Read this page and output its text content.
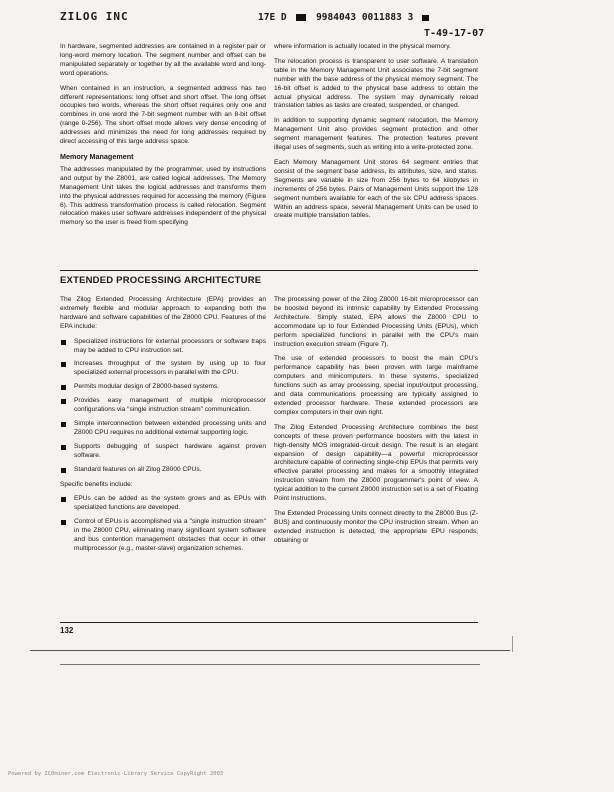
ZILOG INC	17E D	9984043 0011883 3
T-49-17-07

In hardware, segmented addresses are contained in a register pair or long-word memory location. The segment number and offset can be manipulated separately or together by all the available word and long-word operations.

When contained in an instruction, a segmented address has two different representations: long offset and short offset. The long offset occupies two words, whereas the short offset requires only one and combines in one word the 7-bit segment number with an 8-bit offset (range 0-256). The short offset mode allows very dense encoding of addresses and minimizes the need for long addresses required by direct accessing of this large address space.

Memory Management

The addresses manipulated by the programmer, used by instructions and output by the Z8001, are called logical addresses. The Memory Management Unit takes the logical addresses and transforms them into the physical addresses required for accessing the memory (Figure 6). This address transformation process is called relocation. Segment relocation makes user software addresses independent of the physical memory so the user is freed from specifying

where information is actually located in the physical memory.

The relocation process is transparent to user software. A translation table in the Memory Management Unit associates the 7-bit segment number with the base address of the physical memory segment. The 16-bit offset is added to the physical base address to obtain the actual physical address. The system may dynamically reload translation tables as tasks are created, suspended, or changed.

In addition to supporting dynamic segment relocation, the Memory Management Unit also provides segment protection and other segment management features. The protection features prevent illegal uses of segments, such as writing into a write-protected zone.

Each Memory Management Unit stores 64 segment entries that consist of the segment base address, its attributes, size, and status. Segments are variable in size from 256 bytes to 64 kilobytes in increments of 256 bytes. Pairs of Management Units support the 128 segment numbers available for each of the six CPU address spaces. Within an address space, several Management Units can be used to create multiple translation tables.

EXTENDED PROCESSING ARCHITECTURE

The Zilog Extended Processing Architecture (EPA) provides an extremely flexible and modular approach to expanding both the hardware and software capabilities of the Z8000 CPU. Features of the EPA include:

Specialized instructions for external processors or software traps may be added to CPU instruction set.
Increases throughput of the system by using up to four specialized external processors in parallel with the CPU.
Permits modular design of Z8000-based systems.
Provides easy management of multiple microprocessor configurations via "single instruction stream" communication.
Simple interconnection between extended processing units and Z8000 CPU requires no additional external supporting logic.
Supports debugging of suspect hardware against proven software.
Standard features on all Zilog Z8000 CPUs.

Specific benefits include:

EPUs can be added as the system grows and as EPUs with specialized functions are developed.
Control of EPUs is accomplished via a "single instruction stream" in the Z8000 CPU, eliminating many significant system software and bus contention management obstacles that occur in other multiprocessor (e.g., master-slave) organization schemes.

The processing power of the Zilog Z8000 16-bit microprocessor can be boosted beyond its intrinsic capability by Extended Processing Architecture. Simply stated, EPA allows the Z8000 CPU to accommodate up to four Extended Processing Units (EPUs), which perform specialized functions in parallel with the CPU's main instruction execution stream (Figure 7).

The use of extended processors to boost the main CPU's performance capability has been proven with large mainframe computers and minicomputers. In these systems, specialized functions such as array processing, special input/output processing, and data communications processing are typically assigned to extended processor hardware. These extended processors are complex computers in their own right.

The Zilog Extended Processing Architecture combines the best concepts of these proven performance boosters with the latest in high-density MOS integrated-circuit design. The result is an elegant expansion of design capability—a powerful microprocessor architecture capable of connecting single-chip EPUs that permits very effective parallel processing and makes for a smoothly integrated instruction stream from the Z8000 programmer's point of view. A typical addition to the current Z8000 instruction set is a set of Floating Point Instructions.

The Extended Processing Units connect directly to the Z8000 Bus (Z-BUS) and continuously monitor the CPU instruction stream. When an extended instruction is detected, the appropriate EPU responds, obtaining or

132
Powered by IC0miner.com Electronic-Library Service CopyRight 2003
